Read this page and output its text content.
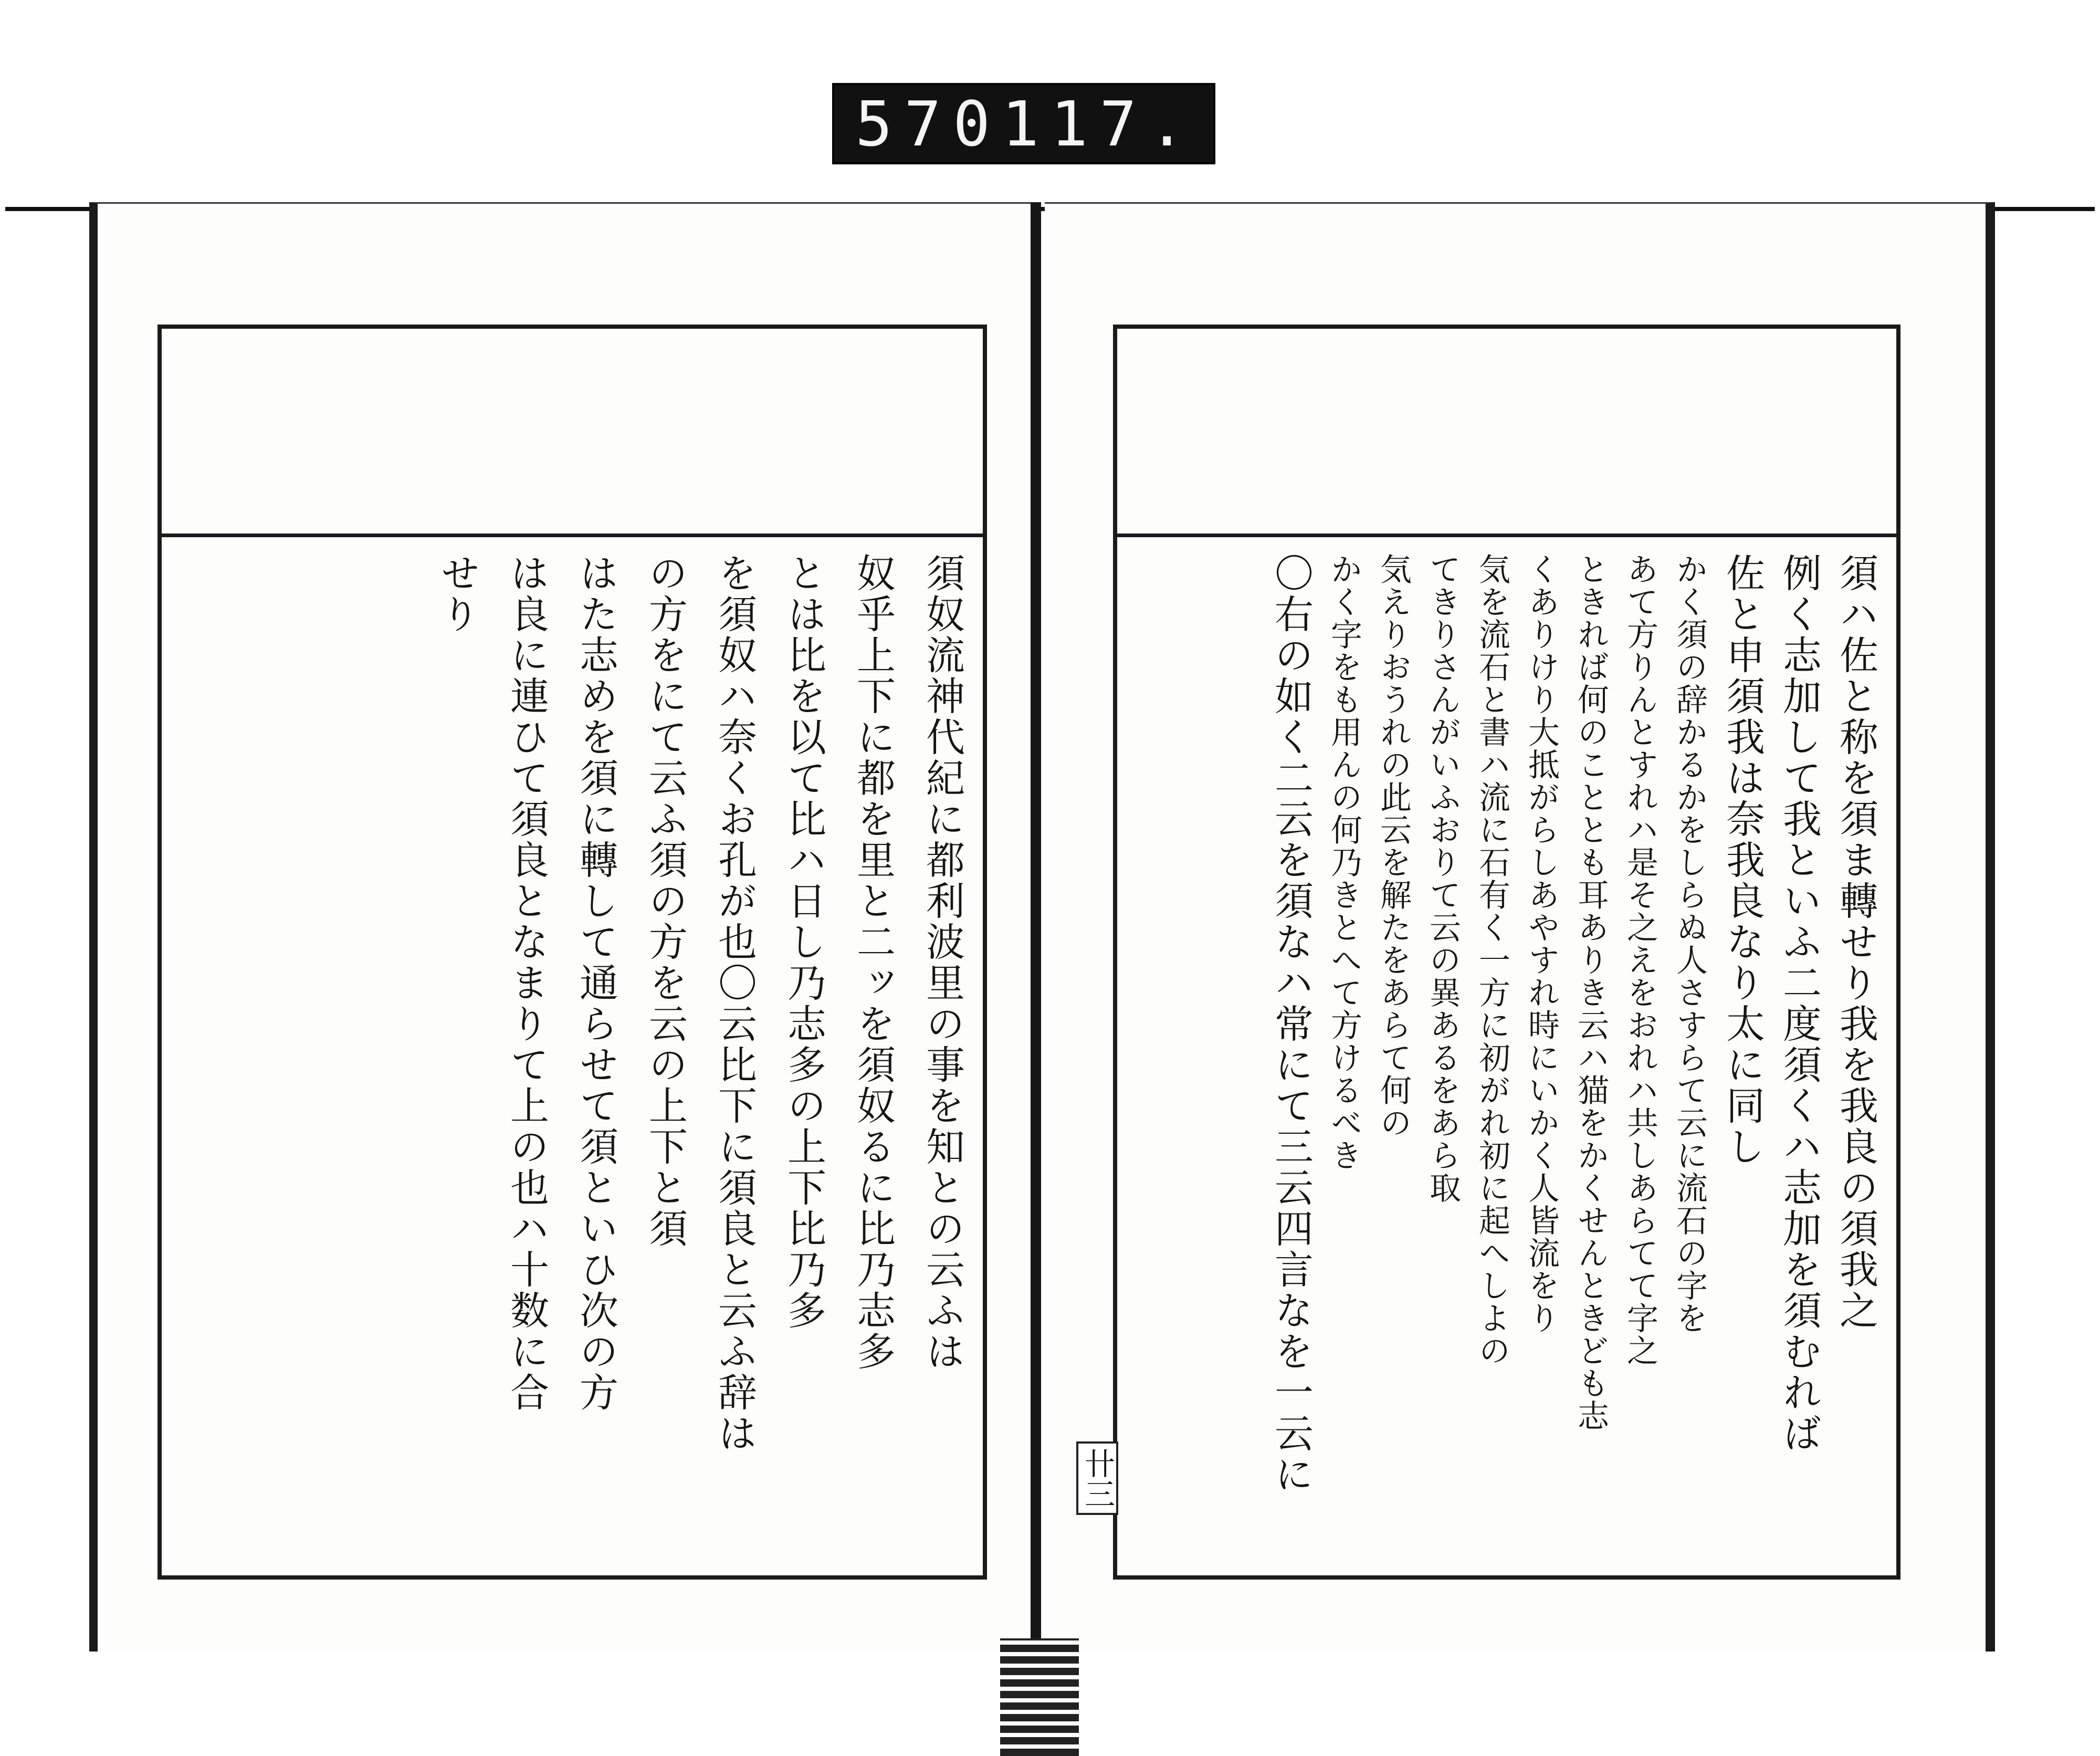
570 117.
須奴流神代紀に都利波里の事を知との云ふは
奴乎上下に都を里と二ッを須奴るに比乃志多
とは比を以て比ハ日し乃志多の上下比乃多
を須奴ハ奈くお孔が也〇云比下に須良と云ふ辞は
の方をにて云ふ須の方を云の上下と須
はた志めを須に轉して通らせて須といひ次の方
は良に連ひて須良となまりて上の也ハ十数に合
せり	須ハ佐と称を須ま轉せり我を我良の須我之
例く志加して我といふ二度須くハ志加を須むれば
佐と申須我は奈我良なり太に同し
かく須の辞かるかをしらぬ人さすらて云に流石の字を
あて方りんとすれハ是そ之えをおれハ共しあらてて字之
ときれば何のこととも耳ありき云ハ猫をかくせんときども志
くありけり大抵がらしあやすれ時にいかく人皆流をり
気を流石と書ハ流に石有く一方に初がれ初に起へしよの
てきりさんがいふおりて云の異あるをあら取
気えりおうれの此云を解たをあらて何の
かく字をも用んの何乃きとへて方けるべき
〇右の如く二云を須なハ常にて三云四言なを一云に
卄三
